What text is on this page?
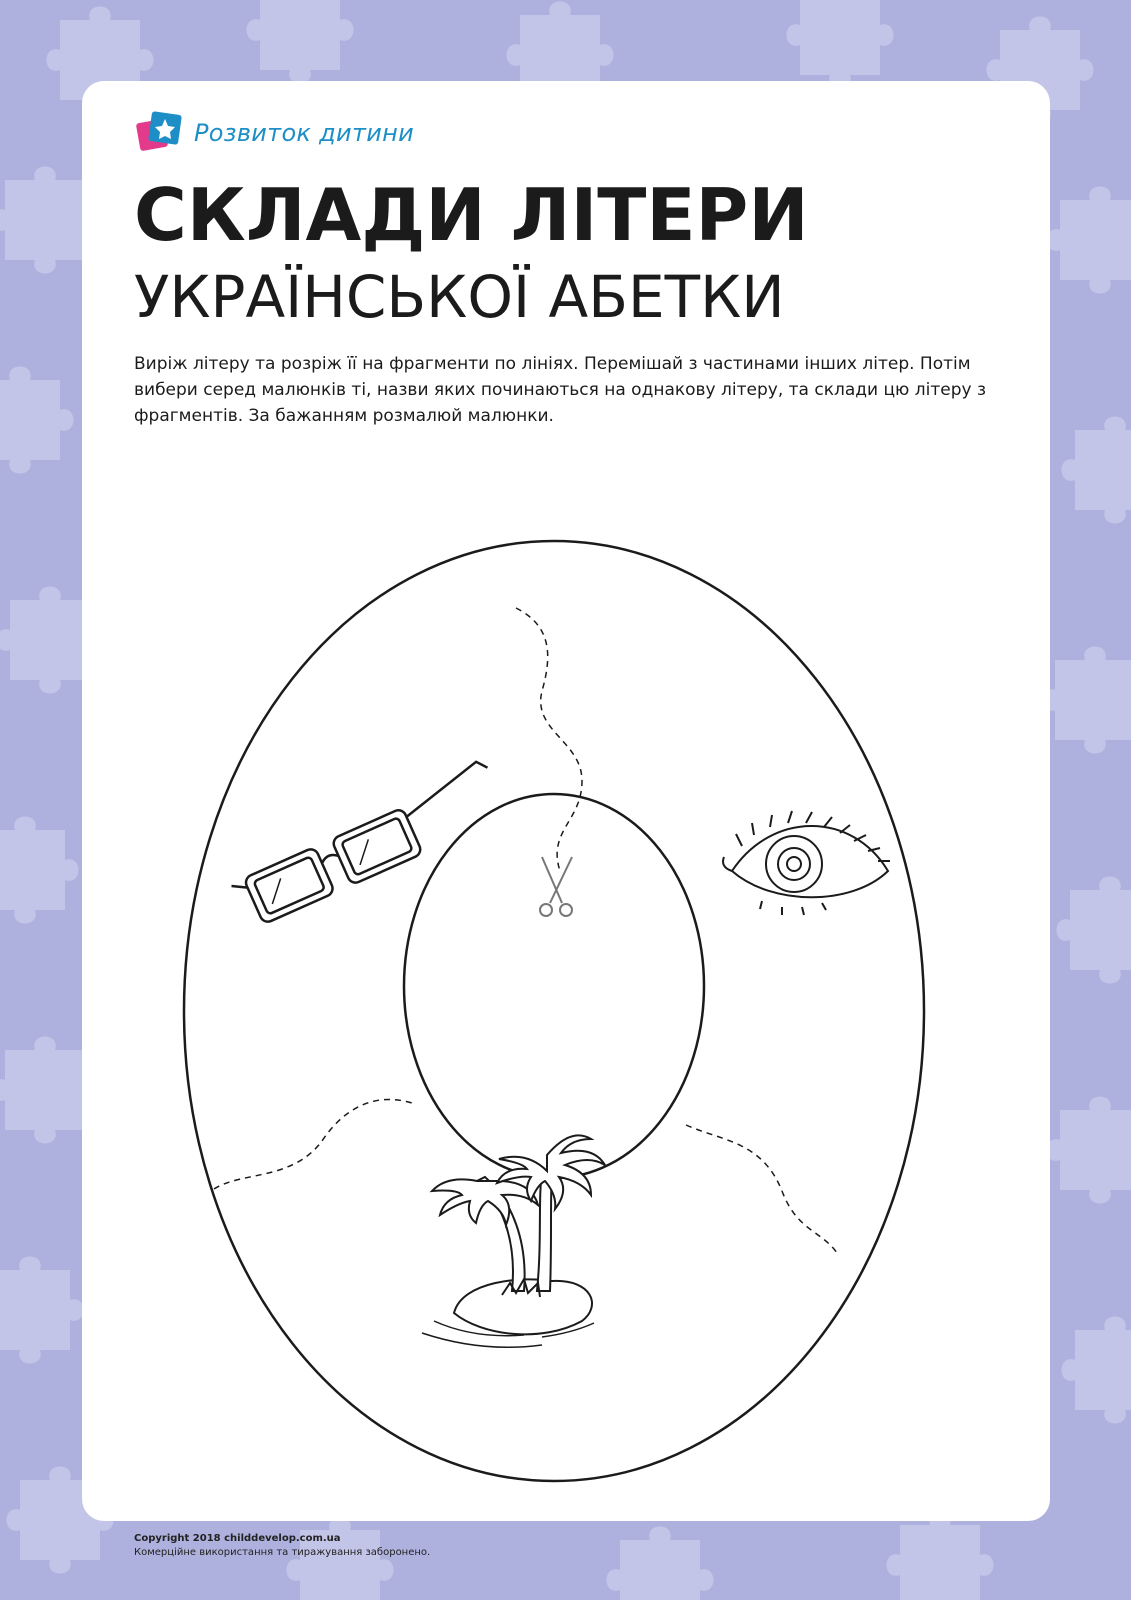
Розвиток дитини
СКЛАДИ ЛІТЕРИ
УКРАЇНСЬКОЇ АБЕТКИ

Виріж літеру та розріж її на фрагменти по лініях. Перемішай з частинами інших літер. Потім вибери серед малюнків ті, назви яких починаються на однакову літеру, та склади цю літеру з фрагментів. За бажанням розмалюй малюнки.

Copyright 2018 childdevelop.com.ua
Комерційне використання та тиражування заборонено.
